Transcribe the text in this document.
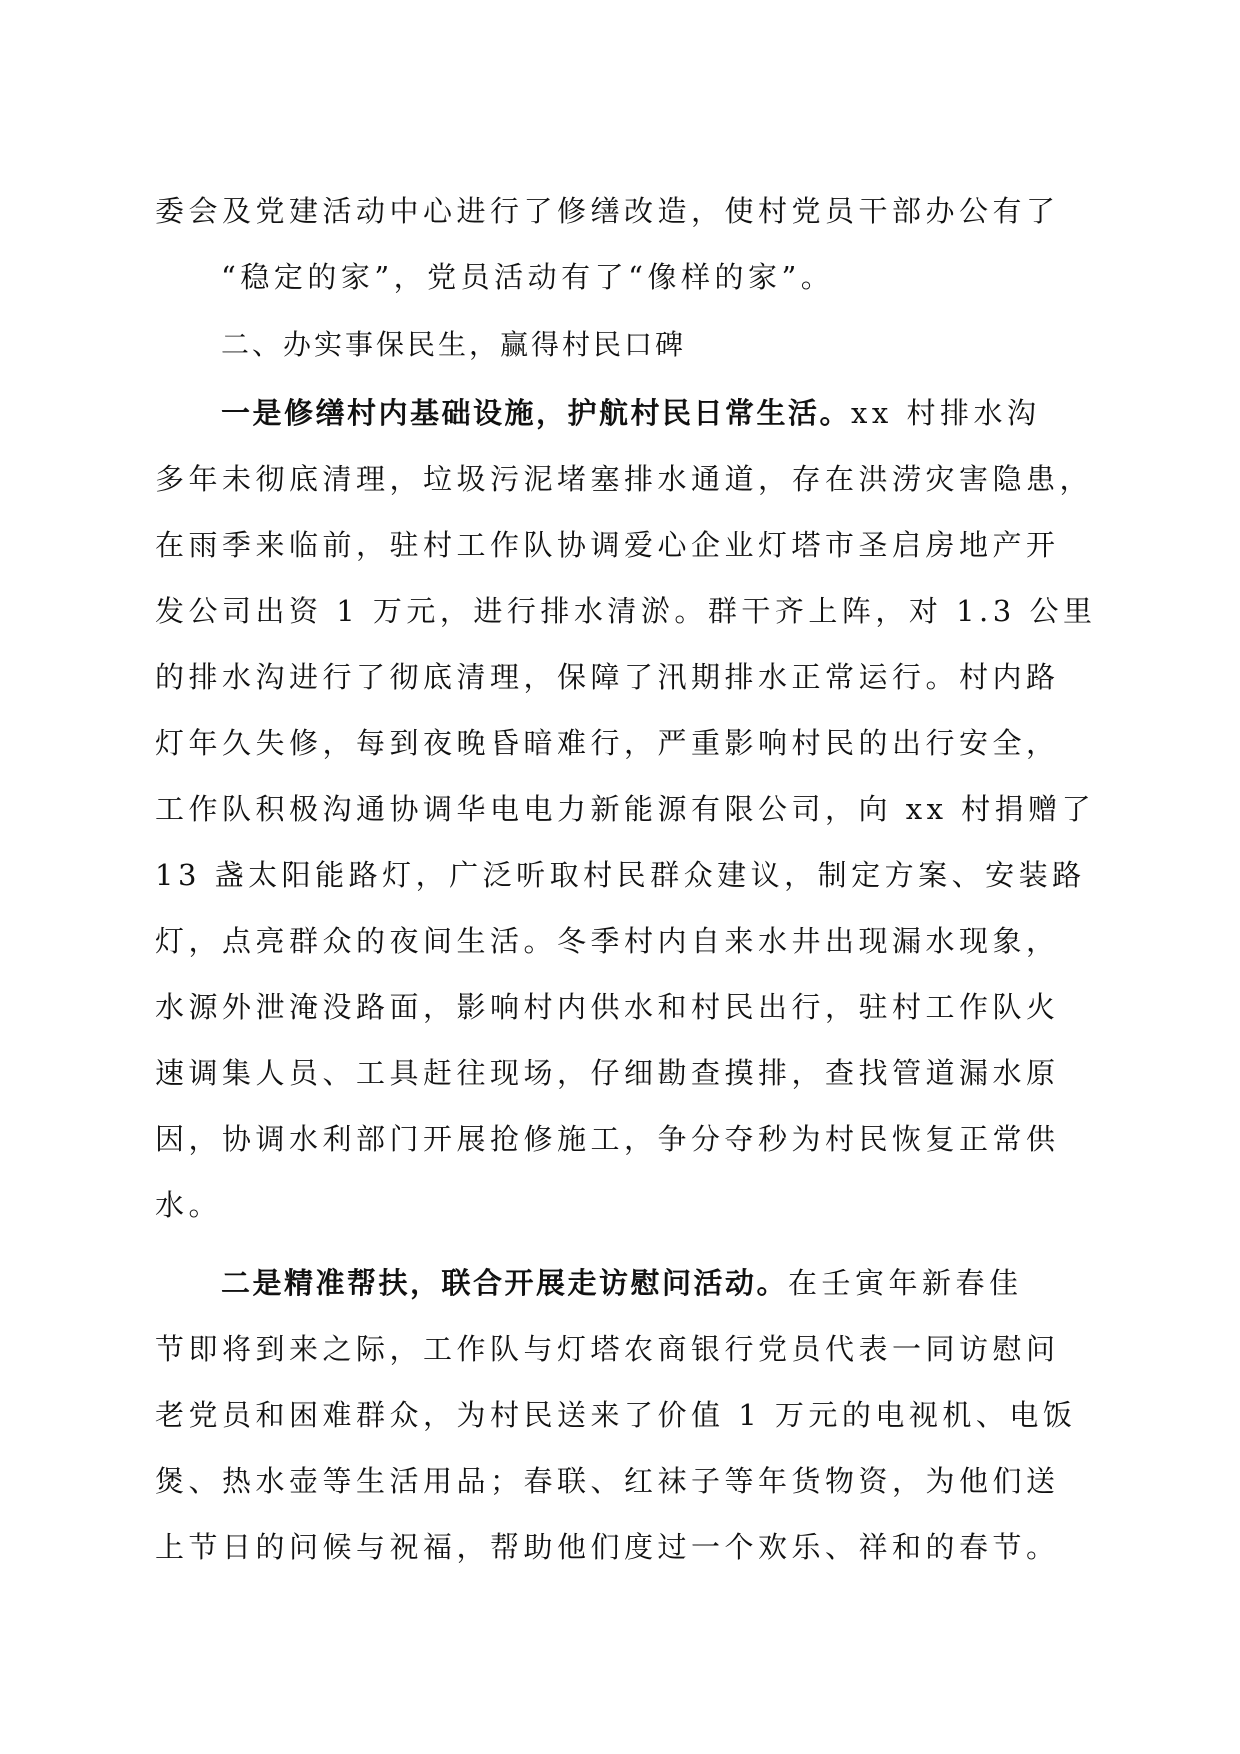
委会及党建活动中心进行了修缮改造，使村党员干部办公有了
“稳定的家”，党员活动有了“像样的家”。
二、办实事保民生，赢得村民口碑
一是修缮村内基础设施，护航村民日常生活。xx 村排水沟
多年未彻底清理，垃圾污泥堵塞排水通道，存在洪涝灾害隐患，
在雨季来临前，驻村工作队协调爱心企业灯塔市圣启房地产开
发公司出资 1 万元，进行排水清淤。群干齐上阵，对 1.3 公里
的排水沟进行了彻底清理，保障了汛期排水正常运行。村内路
灯年久失修，每到夜晚昏暗难行，严重影响村民的出行安全，
工作队积极沟通协调华电电力新能源有限公司，向 xx 村捐赠了
13 盏太阳能路灯，广泛听取村民群众建议，制定方案、安装路
灯，点亮群众的夜间生活。冬季村内自来水井出现漏水现象，
水源外泄淹没路面，影响村内供水和村民出行，驻村工作队火
速调集人员、工具赶往现场，仔细勘查摸排，查找管道漏水原
因，协调水利部门开展抢修施工，争分夺秒为村民恢复正常供
水。
二是精准帮扶，联合开展走访慰问活动。在壬寅年新春佳
节即将到来之际，工作队与灯塔农商银行党员代表一同访慰问
老党员和困难群众，为村民送来了价值 1 万元的电视机、电饭
煲、热水壶等生活用品；春联、红袜子等年货物资，为他们送
上节日的问候与祝福，帮助他们度过一个欢乐、祥和的春节。
